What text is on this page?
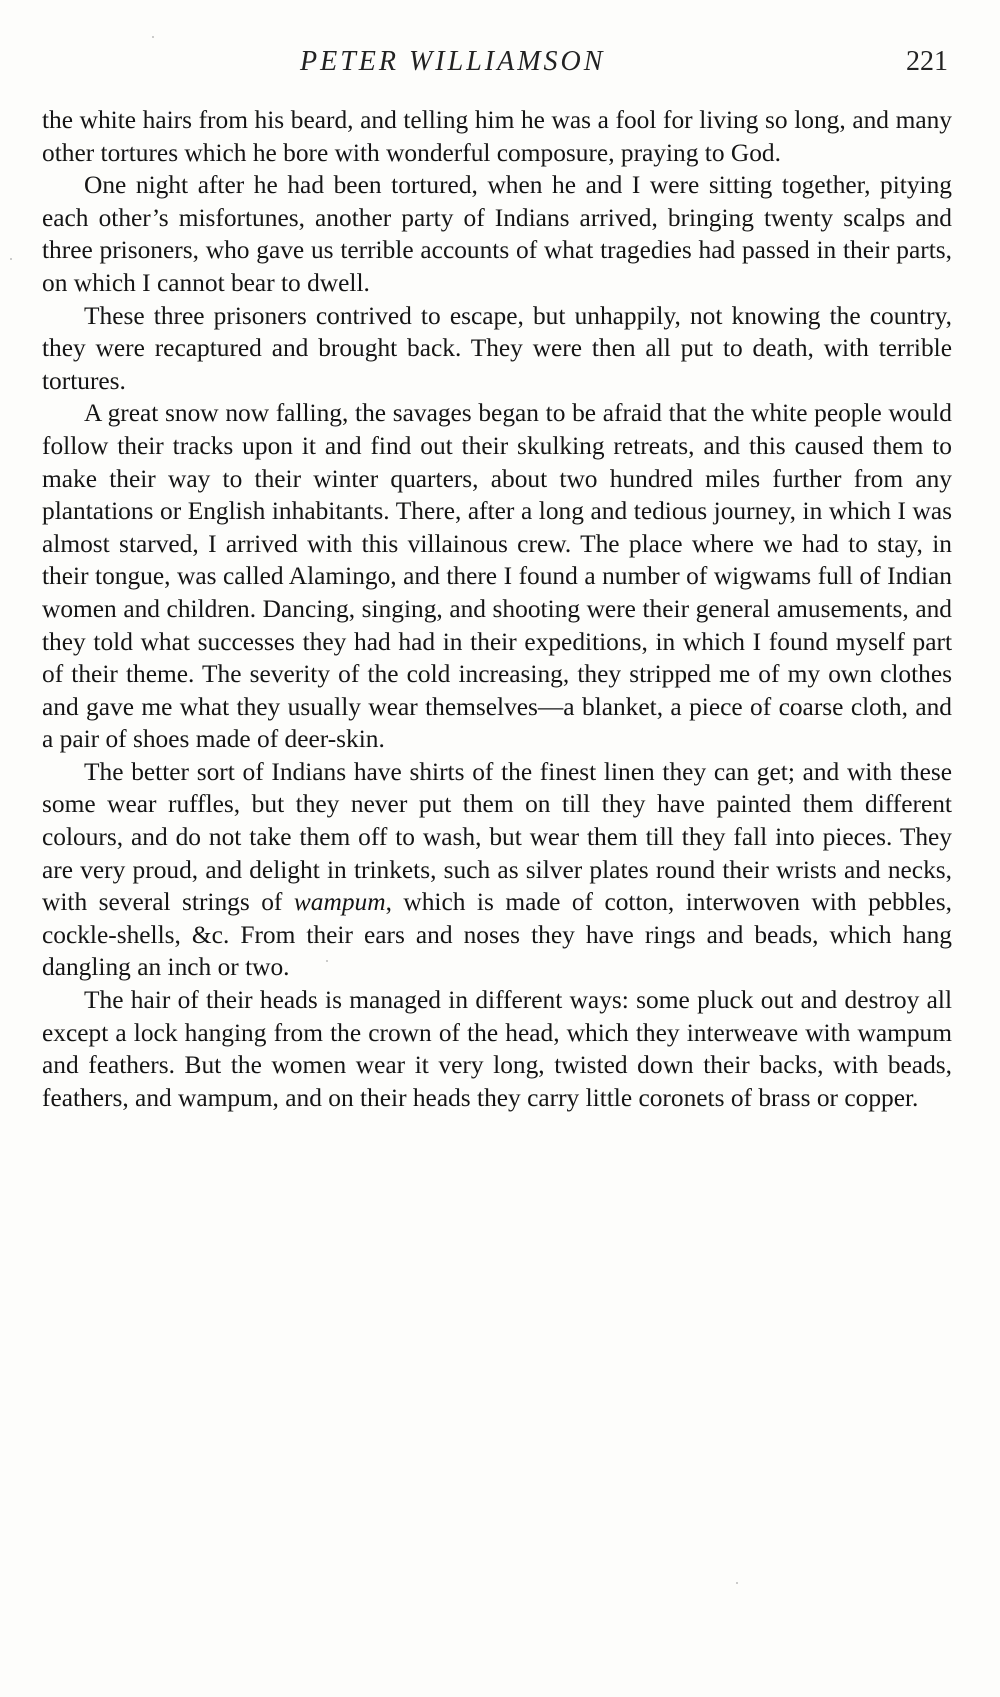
PETER WILLIAMSON	221

the white hairs from his beard, and telling him he was a fool for living so long, and many other tortures which he bore with wonderful composure, praying to God.

One night after he had been tortured, when he and I were sitting together, pitying each other’s misfortunes, another party of Indians arrived, bringing twenty scalps and three prisoners, who gave us terrible accounts of what tragedies had passed in their parts, on which I cannot bear to dwell.

These three prisoners contrived to escape, but unhappily, not knowing the country, they were recaptured and brought back. They were then all put to death, with terrible tortures.

A great snow now falling, the savages began to be afraid that the white people would follow their tracks upon it and find out their skulking retreats, and this caused them to make their way to their winter quarters, about two hundred miles further from any plantations or English inhabitants. There, after a long and tedious journey, in which I was almost starved, I arrived with this villainous crew. The place where we had to stay, in their tongue, was called Alamingo, and there I found a number of wigwams full of Indian women and children. Dancing, singing, and shooting were their general amusements, and they told what successes they had had in their expeditions, in which I found myself part of their theme. The severity of the cold increasing, they stripped me of my own clothes and gave me what they usually wear themselves—a blanket, a piece of coarse cloth, and a pair of shoes made of deer-skin.

The better sort of Indians have shirts of the finest linen they can get; and with these some wear ruffles, but they never put them on till they have painted them different colours, and do not take them off to wash, but wear them till they fall into pieces. They are very proud, and delight in trinkets, such as silver plates round their wrists and necks, with several strings of wampum, which is made of cotton, interwoven with pebbles, cockle-shells, &c. From their ears and noses they have rings and beads, which hang dangling an inch or two.

The hair of their heads is managed in different ways: some pluck out and destroy all except a lock hanging from the crown of the head, which they interweave with wampum and feathers. But the women wear it very long, twisted down their backs, with beads, feathers, and wampum, and on their heads they carry little coronets of brass or copper.
